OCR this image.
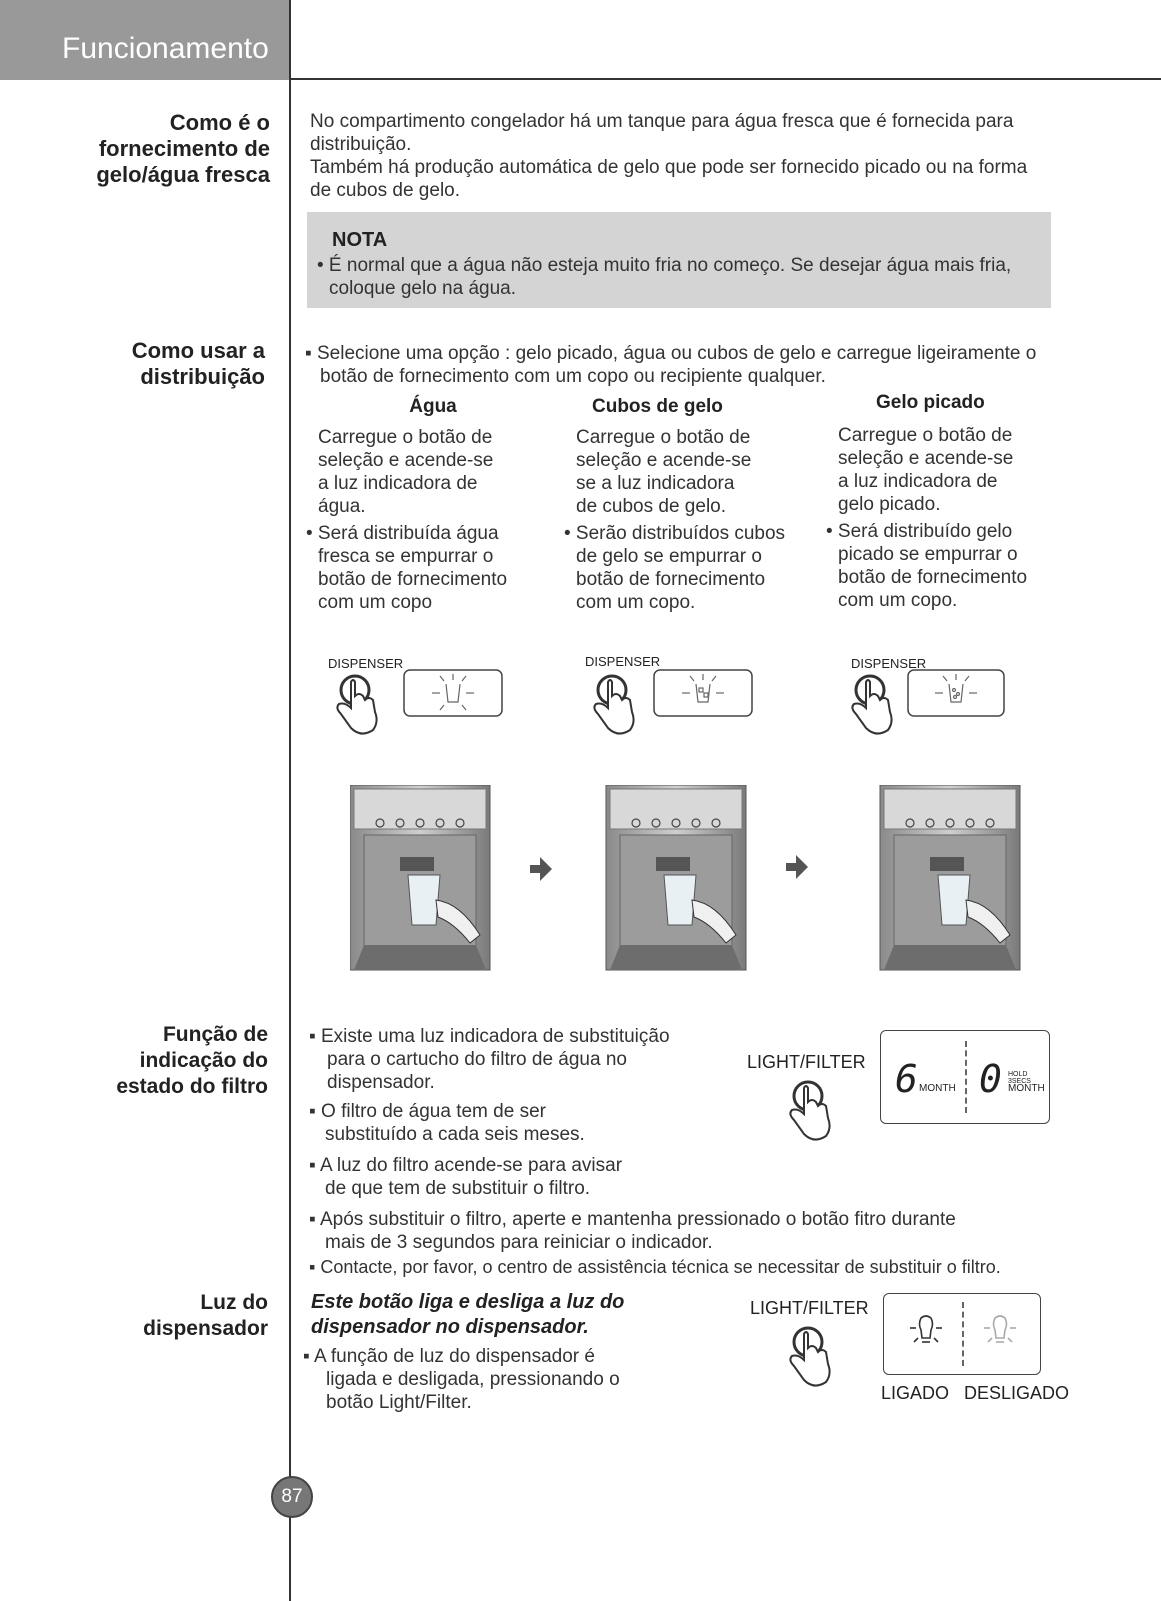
Funcionamento
Como é o
fornecimento de
gelo/água fresca
No compartimento congelador há um tanque para água fresca que é fornecida para
distribuição.
Também há produção automática de gelo que pode ser fornecido picado ou na forma
de cubos de gelo.
NOTA
• É normal que a água não esteja muito fria no começo. Se desejar água mais fria,
coloque gelo na água.
Como usar a
distribuição
▪ Selecione uma opção : gelo picado, água ou cubos de gelo e carregue ligeiramente o
botão de fornecimento com um copo ou recipiente qualquer.
Água
Carregue o botão de
seleção e acende-se
a luz indicadora de
água.
• Será distribuída água
fresca se empurrar o
botão de fornecimento
com um copo
Cubos de gelo
Carregue o botão de
seleção e acende-se
se a luz indicadora
de cubos de gelo.
• Serão distribuídos cubos
de gelo se empurrar o
botão de fornecimento
com um copo.
Gelo picado
Carregue o botão de
seleção e acende-se
a luz indicadora de
gelo picado.
• Será distribuído gelo
picado se empurrar o
botão de fornecimento
com um copo.
DISPENSER	DISPENSER	DISPENSER
Função de
indicação do
estado do filtro
▪ Existe uma luz indicadora de substituição
para o cartucho do filtro de água no
dispensador.
▪ O filtro de água tem de ser
substituído a cada seis meses.
▪ A luz do filtro acende-se para avisar
de que tem de substituir o filtro.
▪ Após substituir o filtro, aperte e mantenha pressionado o botão fitro durante
mais de 3 segundos para reiniciar o indicador.
▪ Contacte, por favor, o centro de assistência técnica se necessitar de substituir o filtro.
LIGHT/FILTER 6 MONTH 0 HOLD 3SECS
MONTH
Luz do
dispensador
Este botão liga e desliga a luz do
dispensador no dispensador.
▪ A função de luz do dispensador é
ligada e desligada, pressionando o
botão Light/Filter.
LIGHT/FILTER
LIGADO DESLIGADO
87
